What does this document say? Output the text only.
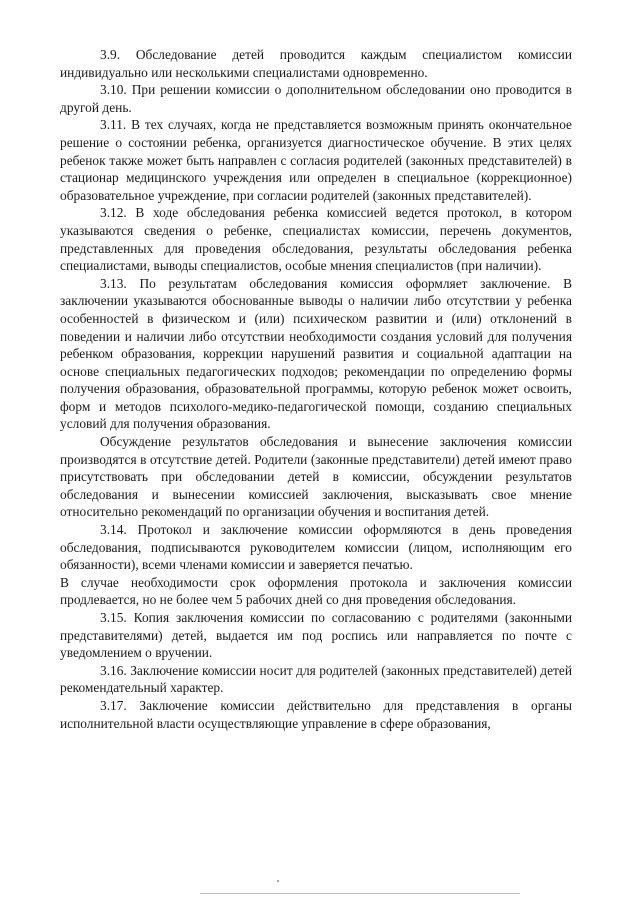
3.9. Обследование детей проводится каждым специалистом комиссии индивидуально или несколькими специалистами одновременно.

3.10. При решении комиссии о дополнительном обследовании оно проводится в другой день.

3.11. В тех случаях, когда не представляется возможным принять окончательное решение о состоянии ребенка, организуется диагностическое обучение. В этих целях ребенок также может быть направлен с согласия родителей (законных представителей) в стационар медицинского учреждения или определен в специальное (коррекционное) образовательное учреждение, при согласии родителей (законных представителей).

3.12. В ходе обследования ребенка комиссией ведется протокол, в котором указываются сведения о ребенке, специалистах комиссии, перечень документов, представленных для проведения обследования, результаты обследования ребенка специалистами, выводы специалистов, особые мнения специалистов (при наличии).

3.13. По результатам обследования комиссия оформляет заключение. В заключении указываются обоснованные выводы о наличии либо отсутствии у ребенка особенностей в физическом и (или) психическом развитии и (или) отклонений в поведении и наличии либо отсутствии необходимости создания условий для получения ребенком образования, коррекции нарушений развития и социальной адаптации на основе специальных педагогических подходов; рекомендации по определению формы получения образования, образовательной программы, которую ребенок может освоить, форм и методов психолого-медико-педагогической помощи, созданию специальных условий для получения образования.

Обсуждение результатов обследования и вынесение заключения комиссии производятся в отсутствие детей. Родители (законные представители) детей имеют право присутствовать при обследовании детей в комиссии, обсуждении результатов обследования и вынесении комиссией заключения, высказывать свое мнение относительно рекомендаций по организации обучения и воспитания детей.

3.14. Протокол и заключение комиссии оформляются в день проведения обследования, подписываются руководителем комиссии (лицом, исполняющим его обязанности), всеми членами комиссии и заверяется печатью.

В случае необходимости срок оформления протокола и заключения комиссии продлевается, но не более чем 5 рабочих дней со дня проведения обследования.

3.15. Копия заключения комиссии по согласованию с родителями (законными представителями) детей, выдается им под роспись или направляется по почте с уведомлением о вручении.

3.16. Заключение комиссии носит для родителей (законных представителей) детей рекомендательный характер.

3.17. Заключение комиссии действительно для представления в органы исполнительной власти осуществляющие управление в сфере образования,
